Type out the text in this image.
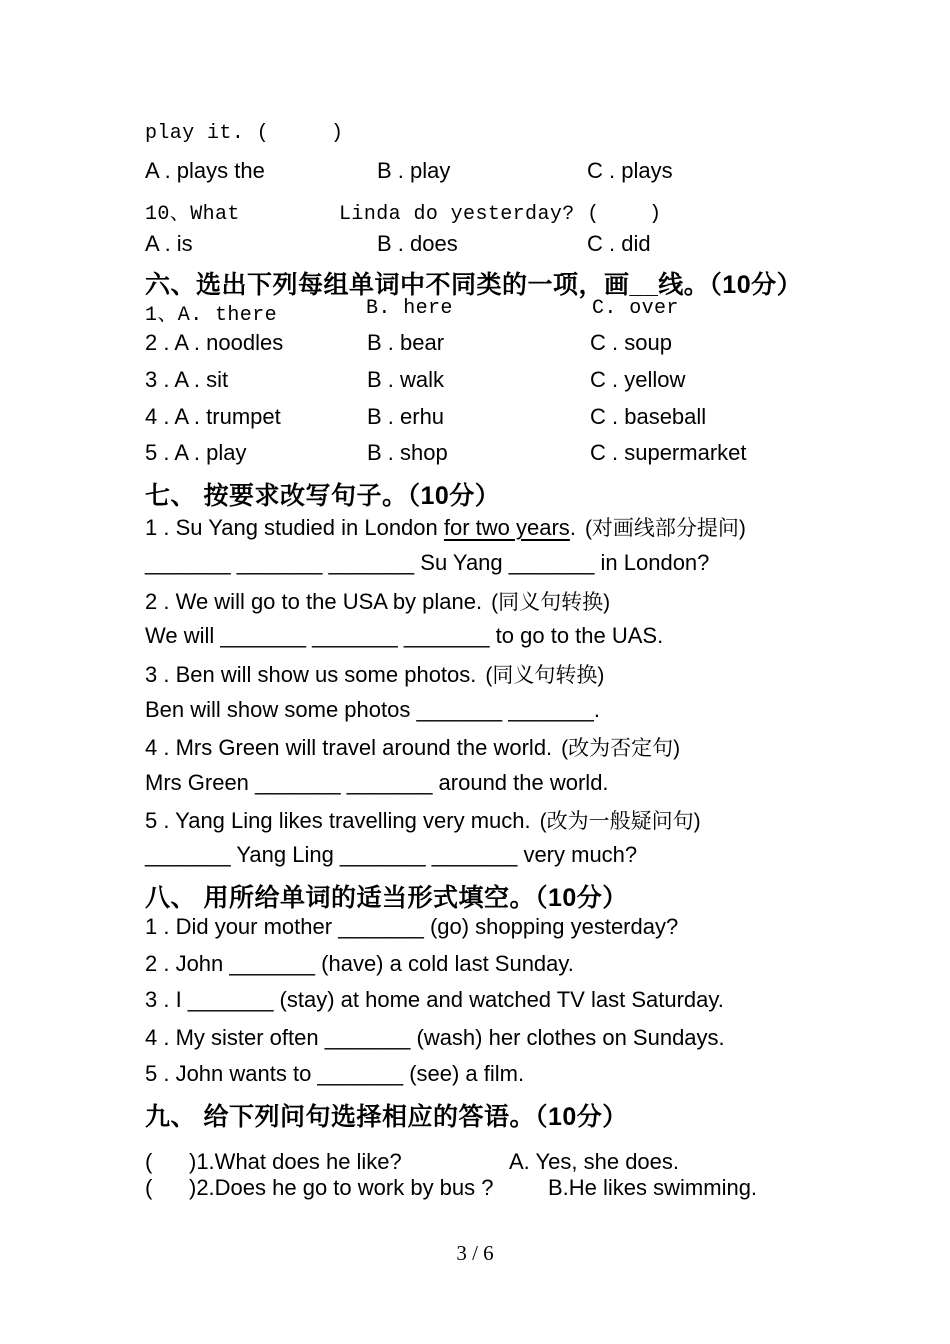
play it. (     )
A . plays the	B . play	C . plays
10、What        Linda do yesterday? (    )
A . is	B . does	C . did
六、选出下列每组单词中不同类的一项，画__线。（10分）
1、A. there	B. here	C. over
2 . A . noodles	B . bear	C . soup
3 . A . sit	B . walk	C . yellow
4 . A . trumpet	B . erhu	C . baseball
5 . A . play	B . shop	C . supermarket
七、 按要求改写句子。（10分）
1 . Su Yang studied in London for two years. (对画线部分提问)
_______ _______ _______ Su Yang _______ in London?
2 . We will go to the USA by plane. (同义句转换)
We will _______ _______ _______ to go to the UAS.
3 . Ben will show us some photos. (同义句转换)
Ben will show some photos _______ _______.
4 . Mrs Green will travel around the world. (改为否定句)
Mrs Green _______ _______ around the world.
5 . Yang Ling likes travelling very much. (改为一般疑问句)
_______ Yang Ling _______ _______ very much?
八、 用所给单词的适当形式填空。（10分）
1 . Did your mother _______ (go) shopping yesterday?
2 . John _______ (have) a cold last Sunday.
3 . I _______ (stay) at home and watched TV last Saturday.
4 . My sister often _______ (wash) her clothes on Sundays.
5 . John wants to _______ (see) a film.
九、 给下列问句选择相应的答语。（10分）
(      )1.What does he like?	A. Yes, she does.
(      )2.Does he go to work by bus ? B.He likes swimming.
3 / 6
